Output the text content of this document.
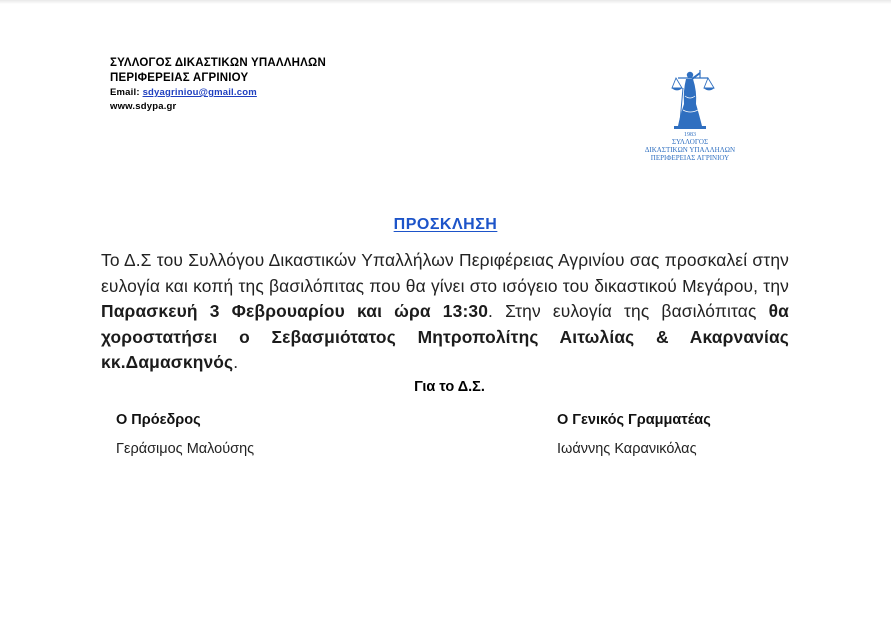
ΣΥΛΛΟΓΟΣ ΔΙΚΑΣΤΙΚΩΝ ΥΠΑΛΛΗΛΩΝ
ΠΕΡΙΦΕΡΕΙΑΣ ΑΓΡΙΝΙΟΥ
Email: sdyagriniou@gmail.com
www.sdypa.gr
1983
ΣΥΛΛΟΓΟΣ
ΔΙΚΑΣΤΙΚΩΝ ΥΠΑΛΛΗΛΩΝ
ΠΕΡΙΦΕΡΕΙΑΣ ΑΓΡΙΝΙΟΥ
ΠΡΟΣΚΛΗΣΗ
Το Δ.Σ του Συλλόγου Δικαστικών Υπαλλήλων Περιφέρειας Αγρινίου σας προσκαλεί στην ευλογία και κοπή της βασιλόπιτας που θα γίνει στο ισόγειο του δικαστικού Μεγάρου, την Παρασκευή 3 Φεβρουαρίου και ώρα 13:30. Στην ευλογία της βασιλόπιτας θα χοροστατήσει ο Σεβασμιότατος Μητροπολίτης Αιτωλίας & Ακαρνανίας κκ.Δαμασκηνός.
Για το Δ.Σ.
Ο Πρόεδρος
Γεράσιμος Μαλούσης
Ο Γενικός Γραμματέας
Ιωάννης Καρανικόλας
